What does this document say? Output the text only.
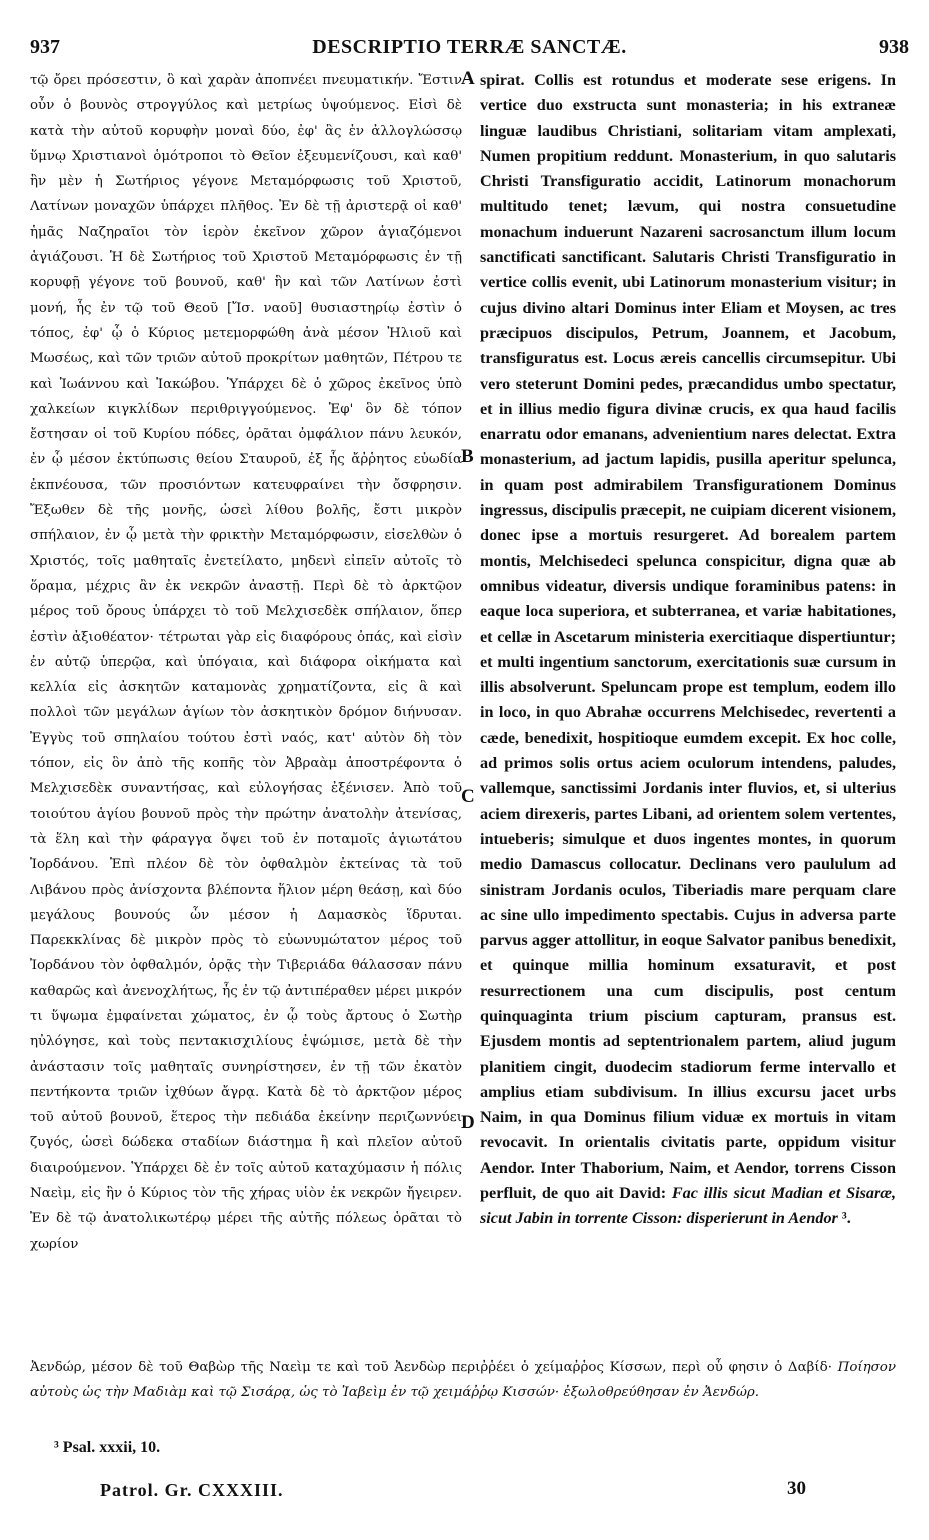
937	DESCRIPTIO TERRÆ SANCTÆ.	938

τῷ ὄρει πρόσεστιν, ὃ καὶ χαρὰν ἀποπνέει πνευματικήν. Ἔστιν οὖν ὁ βουνὸς στρογγύλος καὶ μετρίως ὑψούμενος. Εἰσὶ δὲ κατὰ τὴν αὐτοῦ κορυφὴν μοναὶ δύο, ἐφ' ἃς ἐν ἀλλογλώσσῳ ὕμνῳ Χριστιανοὶ ὁμότροποι τὸ Θεῖον ἐξευμενίζουσι, καὶ καθ' ἣν μὲν ἡ Σωτήριος γέγονε Μεταμόρφωσις τοῦ Χριστοῦ, Λατίνων μοναχῶν ὑπάρχει πλῆθος. Ἐν δὲ τῇ ἀριστερᾷ οἱ καθ' ἡμᾶς Ναζηραῖοι τὸν ἱερὸν ἐκεῖνον χῶρον ἁγιαζόμενοι ἁγιάζουσι. Ἡ δὲ Σωτήριος τοῦ Χριστοῦ Μεταμόρφωσις ἐν τῇ κορυφῇ γέγονε τοῦ βουνοῦ, καθ' ἣν καὶ τῶν Λατίνων ἐστὶ μονή, ἧς ἐν τῷ τοῦ Θεοῦ [Ἴσ. ναοῦ] θυσιαστηρίῳ ἐστὶν ὁ τόπος, ἐφ' ᾧ ὁ Κύριος μετεμορφώθη ἀνὰ μέσον Ἠλιοῦ καὶ Μωσέως, καὶ τῶν τριῶν αὐτοῦ προκρίτων μαθητῶν, Πέτρου τε καὶ Ἰωάννου καὶ Ἰακώβου. Ὑπάρχει δὲ ὁ χῶρος ἐκεῖνος ὑπὸ χαλκείων κιγκλίδων περιθριγγούμενος. Ἐφ' ὃν δὲ τόπον ἔστησαν οἱ τοῦ Κυρίου πόδες, ὁρᾶται ὀμφάλιον πάνυ λευκόν, ἐν ᾧ μέσον ἐκτύπωσις θείου Σταυροῦ, ἐξ ἧς ἄῤῥητος εὐωδία ἐκπνέουσα, τῶν προσιόντων κατευφραίνει τὴν ὄσφρησιν. Ἔξωθεν δὲ τῆς μονῆς, ὡσεὶ λίθου βολῆς, ἔστι μικρὸν σπήλαιον, ἐν ᾧ μετὰ τὴν φρικτὴν Μεταμόρφωσιν, εἰσελθὼν ὁ Χριστός, τοῖς μαθηταῖς ἐνετείλατο, μηδενὶ εἰπεῖν αὐτοῖς τὸ ὅραμα, μέχρις ἂν ἐκ νεκρῶν ἀναστῇ. Περὶ δὲ τὸ ἀρκτῷον μέρος τοῦ ὄρους ὑπάρχει τὸ τοῦ Μελχισεδὲκ σπήλαιον, ὅπερ ἐστὶν ἀξιοθέατον· τέτρωται γὰρ εἰς διαφόρους ὀπάς, καὶ εἰσὶν ἐν αὐτῷ ὑπερῷα, καὶ ὑπόγαια, καὶ διάφορα οἰκήματα καὶ κελλία εἰς ἀσκητῶν καταμονὰς χρηματίζοντα, εἰς ἃ καὶ πολλοὶ τῶν μεγάλων ἁγίων τὸν ἀσκητικὸν δρόμον διήνυσαν. Ἐγγὺς τοῦ σπηλαίου τούτου ἐστὶ ναός, κατ' αὐτὸν δὴ τὸν τόπον, εἰς ὃν ἀπὸ τῆς κοπῆς τὸν Ἀβραὰμ ἀποστρέφοντα ὁ Μελχισεδὲκ συναντήσας, καὶ εὐλογήσας ἐξένισεν. Ἀπὸ τοῦ τοιούτου ἁγίου βουνοῦ πρὸς τὴν πρώτην ἀνατολὴν ἀτενίσας, τὰ ἕλη καὶ τὴν φάραγγα ὄψει τοῦ ἐν ποταμοῖς ἁγιωτάτου Ἰορδάνου. Ἐπὶ πλέον δὲ τὸν ὀφθαλμὸν ἐκτείνας τὰ τοῦ Λιβάνου πρὸς ἀνίσχοντα βλέποντα ἥλιον μέρη θεάσῃ, καὶ δύο μεγάλους βουνούς ὧν μέσον ἡ Δαμασκὸς ἵδρυται. Παρεκκλίνας δὲ μικρὸν πρὸς τὸ εὐωνυμώτατον μέρος τοῦ Ἰορδάνου τὸν ὀφθαλμόν, ὁρᾷς τὴν Τιβεριάδα θάλασσαν πάνυ καθαρῶς καὶ ἀνενοχλήτως, ἧς ἐν τῷ ἀντιπέραθεν μέρει μικρόν τι ὕψωμα ἐμφαίνεται χώματος, ἐν ᾧ τοὺς ἄρτους ὁ Σωτὴρ ηὐλόγησε, καὶ τοὺς πεντακισχιλίους ἐψώμισε, μετὰ δὲ τὴν ἀνάστασιν τοῖς μαθηταῖς συνηρίστησεν, ἐν τῇ τῶν ἑκατὸν πεντήκοντα τριῶν ἰχθύων ἄγρᾳ. Κατὰ δὲ τὸ ἀρκτῷον μέρος τοῦ αὐτοῦ βουνοῦ, ἕτερος τὴν πεδιάδα ἐκείνην περιζωννύει ζυγός, ὡσεὶ δώδεκα σταδίων διάστημα ἢ καὶ πλεῖον αὐτοῦ διαιρούμενον. Ὑπάρχει δὲ ἐν τοῖς αὐτοῦ καταχύμασιν ἡ πόλις Ναεὶμ, εἰς ἣν ὁ Κύριος τὸν τῆς χήρας υἱὸν ἐκ νεκρῶν ἤγειρεν. Ἐν δὲ τῷ ἀνατολικωτέρῳ μέρει τῆς αὐτῆς πόλεως ὁρᾶται τὸ χωρίον

spirat. Collis est rotundus et moderate sese erigens. In vertice duo exstructa sunt monasteria; in his extraneæ linguæ laudibus Christiani, solitariam vitam amplexati, Numen propitium reddunt. Monasterium, in quo salutaris Christi Transfiguratio accidit, Latinorum monachorum multitudo tenet; lævum, qui nostra consuetudine monachum induerunt Nazareni sacrosanctum illum locum sanctificati sanctificant. Salutaris Christi Transfiguratio in vertice collis evenit, ubi Latinorum monasterium visitur; in cujus divino altari Dominus inter Eliam et Moysen, ac tres præcipuos discipulos, Petrum, Joannem, et Jacobum, transfiguratus est. Locus æreis cancellis circumsepitur. Ubi vero steterunt Domini pedes, præcandidus umbo spectatur, et in illius medio figura divinæ crucis, ex qua haud facilis enarratu odor emanans, advenientium nares delectat. Extra monasterium, ad jactum lapidis, pusilla aperitur spelunca, in quam post admirabilem Transfigurationem Dominus ingressus, discipulis præcepit, ne cuipiam dicerent visionem, donec ipse a mortuis resurgeret. Ad borealem partem montis, Melchisedeci spelunca conspicitur, digna quæ ab omnibus videatur, diversis undique foraminibus patens: in eaque loca superiora, et subterranea, et variæ habitationes, et cellæ in Ascetarum ministeria exercitiaque dispertiuntur; et multi ingentium sanctorum, exercitationis suæ cursum in illis absolverunt. Speluncam prope est templum, eodem illo in loco, in quo Abrahæ occurrens Melchisedec, revertenti a cæde, benedixit, hospitioque eumdem excepit. Ex hoc colle, ad primos solis ortus aciem oculorum intendens, paludes, vallemque, sanctissimi Jordanis inter fluvios, et, si ulterius aciem direxeris, partes Libani, ad orientem solem vertentes, intueberis; simulque et duos ingentes montes, in quorum medio Damascus collocatur. Declinans vero paululum ad sinistram Jordanis oculos, Tiberiadis mare perquam clare ac sine ullo impedimento spectabis. Cujus in adversa parte parvus agger attollitur, in eoque Salvator panibus benedixit, et quinque millia hominum exsaturavit, et post resurrectionem una cum discipulis, post centum quinquaginta trium piscium capturam, pransus est. Ejusdem montis ad septentrionalem partem, aliud jugum planitiem cingit, duodecim stadiorum ferme intervallo et amplius etiam subdivisum. In illius excursu jacet urbs Naim, in qua Dominus filium viduæ ex mortuis in vitam revocavit. In orientalis civitatis parte, oppidum visitur Aendor. Inter Thaborium, Naim, et Aendor, torrens Cisson perfluit, de quo ait David: Fac illis sicut Madian et Sisaræ, sicut Jabin in torrente Cisson: disperierunt in Aendor ³.

A
B
C
D

Ἀενδώρ, μέσον δὲ τοῦ Θαβὼρ τῆς Ναεὶμ τε καὶ τοῦ Ἀενδὼρ περιῤῥέει ὁ χείμαῤῥος Κίσσων, περὶ οὗ φησιν ὁ Δαβίδ· Ποίησον αὐτοὺς ὡς τὴν Μαδιὰμ καὶ τῷ Σισάρᾳ, ὡς τὸ Ἰαβεὶμ ἐν τῷ χειμάῤῥῳ Κισσών· ἐξωλοθρεύθησαν ἐν Ἀενδώρ.

³ Psal. xxxii, 10.
Patrol. Gr. CXXXIII.	30
